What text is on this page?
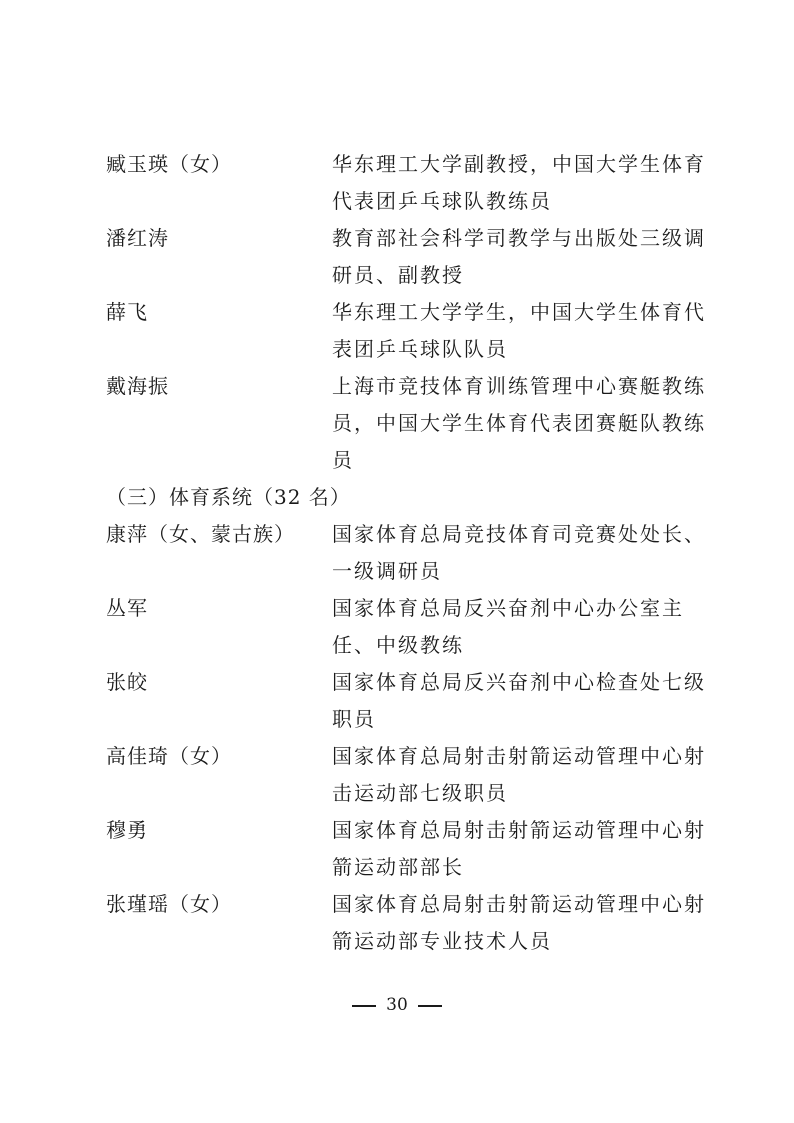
臧玉瑛（女）	华东理工大学副教授，中国大学生体育
代表团乒乓球队教练员
潘红涛	教育部社会科学司教学与出版处三级调
研员、副教授
薛飞	华东理工大学学生，中国大学生体育代
表团乒乓球队队员
戴海振	上海市竞技体育训练管理中心赛艇教练
员，中国大学生体育代表团赛艇队教练
员
（三）体育系统（32 名）
康萍（女、蒙古族）	国家体育总局竞技体育司竞赛处处长、
一级调研员
丛军	国家体育总局反兴奋剂中心办公室主
任、中级教练
张皎	国家体育总局反兴奋剂中心检查处七级
职员
高佳琦（女）	国家体育总局射击射箭运动管理中心射
击运动部七级职员
穆勇	国家体育总局射击射箭运动管理中心射
箭运动部部长
张瑾瑶（女）	国家体育总局射击射箭运动管理中心射
箭运动部专业技术人员
30
